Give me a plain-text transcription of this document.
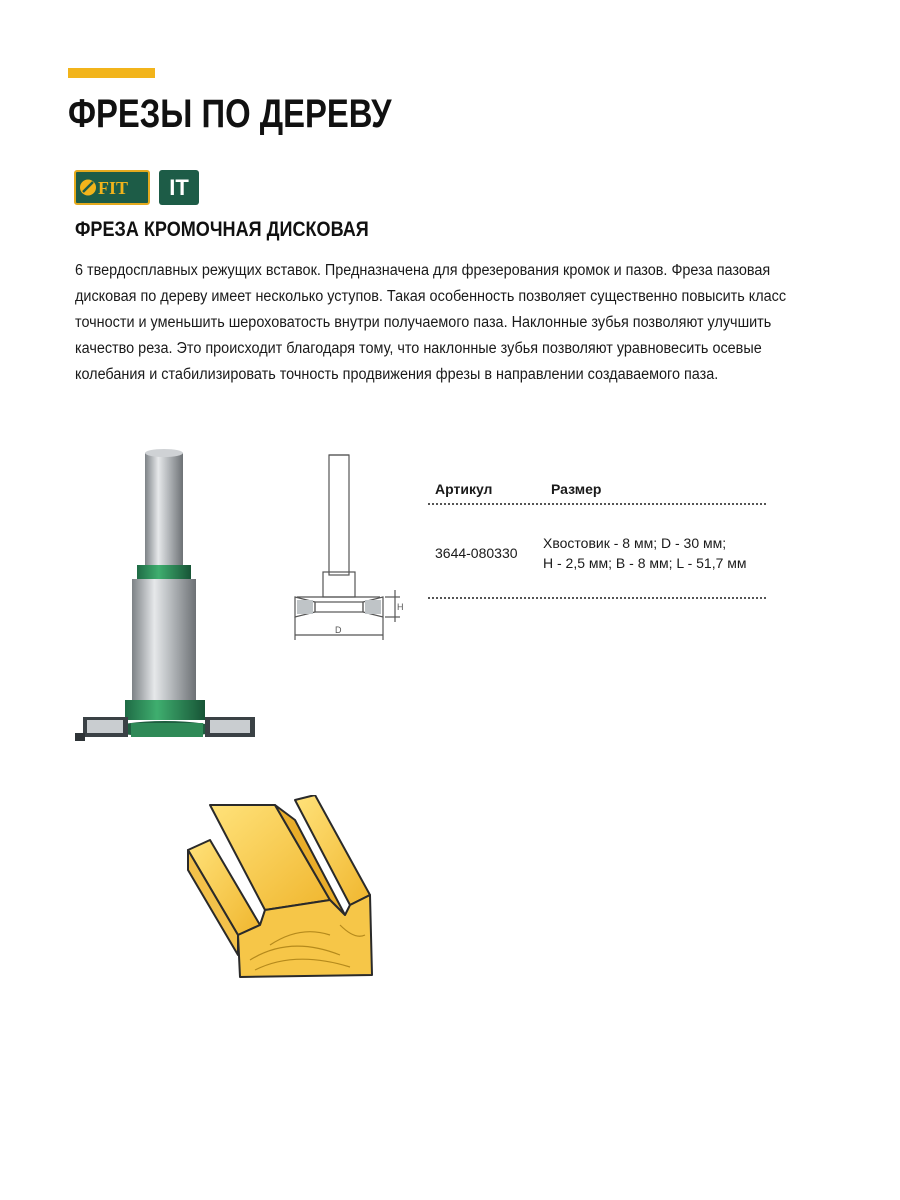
ФРЕЗЫ ПО ДЕРЕВУ
FIT	IT
ФРЕЗА КРОМОЧНАЯ ДИСКОВАЯ

6 твердосплавных режущих вставок. Предназначена для фрезерования кромок и пазов. Фреза пазовая дисковая по дереву имеет несколько уступов. Такая особенность позволяет существенно повысить класс точности и уменьшить шероховатость внутри получаемого паза. Наклонные зубья позволяют улучшить качество реза. Это происходит благодаря тому, что наклонные зубья позволяют уравновесить осевые колебания и стабилизировать точность продвижения фрезы в направлении создаваемого паза.

D
H
Артикул	Размер
3644-080330
Хвостовик - 8 мм; D - 30 мм;
H - 2,5 мм; B - 8 мм; L - 51,7 мм
